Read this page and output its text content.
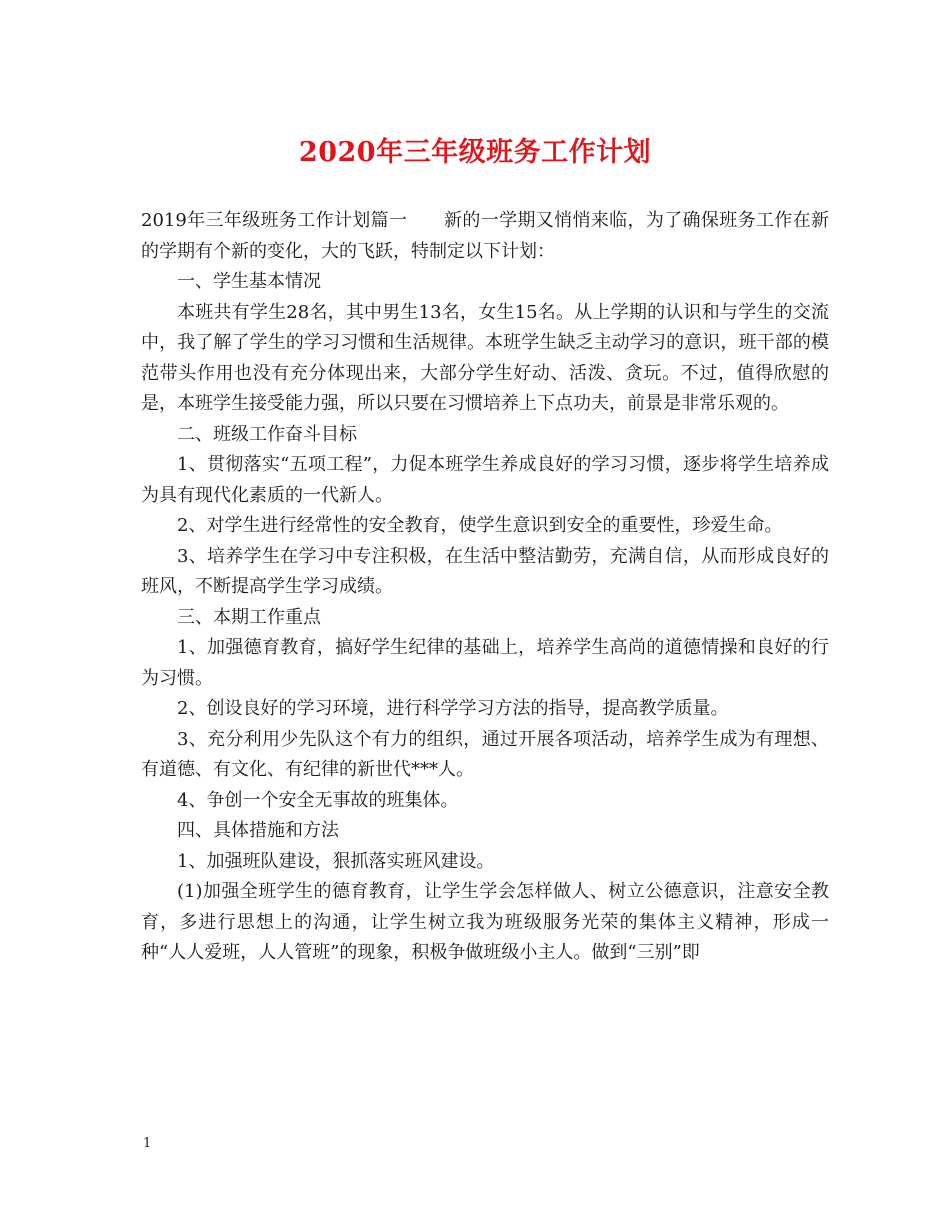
2020年三年级班务工作计划

2019年三年级班务工作计划篇一　　新的一学期又悄悄来临，为了确保班务工作在新的学期有个新的变化，大的飞跃，特制定以下计划：

一、学生基本情况

本班共有学生28名，其中男生13名，女生15名。从上学期的认识和与学生的交流中，我了解了学生的学习习惯和生活规律。本班学生缺乏主动学习的意识，班干部的模范带头作用也没有充分体现出来，大部分学生好动、活泼、贪玩。不过，值得欣慰的是，本班学生接受能力强，所以只要在习惯培养上下点功夫，前景是非常乐观的。

二、班级工作奋斗目标

1、贯彻落实“五项工程”，力促本班学生养成良好的学习习惯，逐步将学生培养成为具有现代化素质的一代新人。

2、对学生进行经常性的安全教育，使学生意识到安全的重要性，珍爱生命。

3、培养学生在学习中专注积极，在生活中整洁勤劳，充满自信，从而形成良好的班风，不断提高学生学习成绩。

三、本期工作重点

1、加强德育教育，搞好学生纪律的基础上，培养学生高尚的道德情操和良好的行为习惯。

2、创设良好的学习环境，进行科学学习方法的指导，提高教学质量。

3、充分利用少先队这个有力的组织，通过开展各项活动，培养学生成为有理想、有道德、有文化、有纪律的新世代***人。

4、争创一个安全无事故的班集体。

四、具体措施和方法

1、加强班队建设，狠抓落实班风建设。

(1)加强全班学生的德育教育，让学生学会怎样做人、树立公德意识，注意安全教育，多进行思想上的沟通，让学生树立我为班级服务光荣的集体主义精神，形成一种“人人爱班，人人管班”的现象，积极争做班级小主人。做到“三别”即

1
